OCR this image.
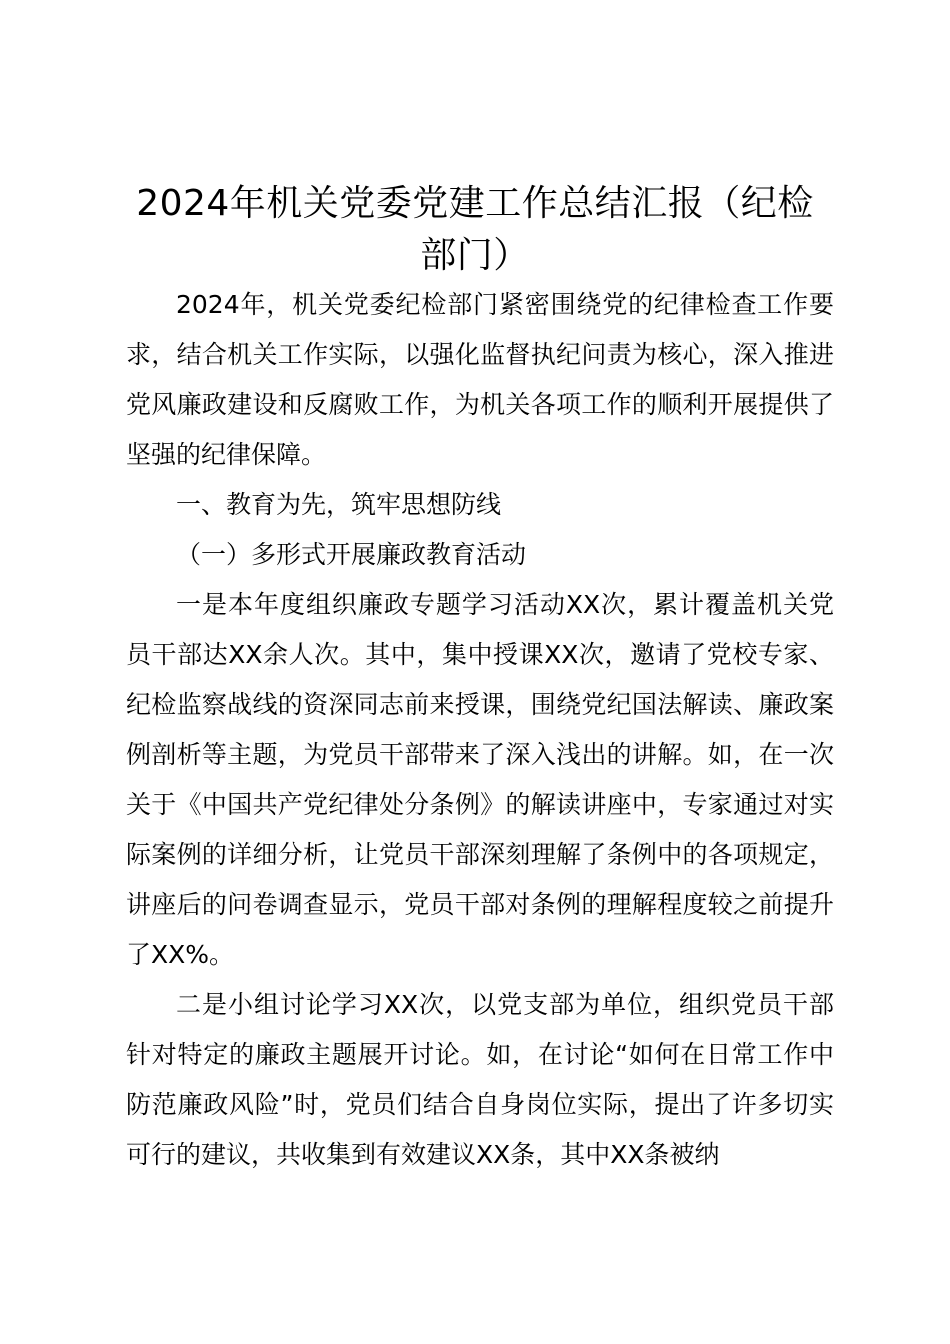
2024年机关党委党建工作总结汇报（纪检部门）

2024年，机关党委纪检部门紧密围绕党的纪律检查工作要求，结合机关工作实际，以强化监督执纪问责为核心，深入推进党风廉政建设和反腐败工作，为机关各项工作的顺利开展提供了坚强的纪律保障。

一、教育为先，筑牢思想防线

（一）多形式开展廉政教育活动

一是本年度组织廉政专题学习活动XX次，累计覆盖机关党员干部达XX余人次。其中，集中授课XX次，邀请了党校专家、纪检监察战线的资深同志前来授课，围绕党纪国法解读、廉政案例剖析等主题，为党员干部带来了深入浅出的讲解。如，在一次关于《中国共产党纪律处分条例》的解读讲座中，专家通过对实际案例的详细分析，让党员干部深刻理解了条例中的各项规定，讲座后的问卷调查显示，党员干部对条例的理解程度较之前提升了XX%。

二是小组讨论学习XX次，以党支部为单位，组织党员干部针对特定的廉政主题展开讨论。如，在讨论“如何在日常工作中防范廉政风险”时，党员们结合自身岗位实际，提出了许多切实可行的建议，共收集到有效建议XX条，其中XX条被纳
